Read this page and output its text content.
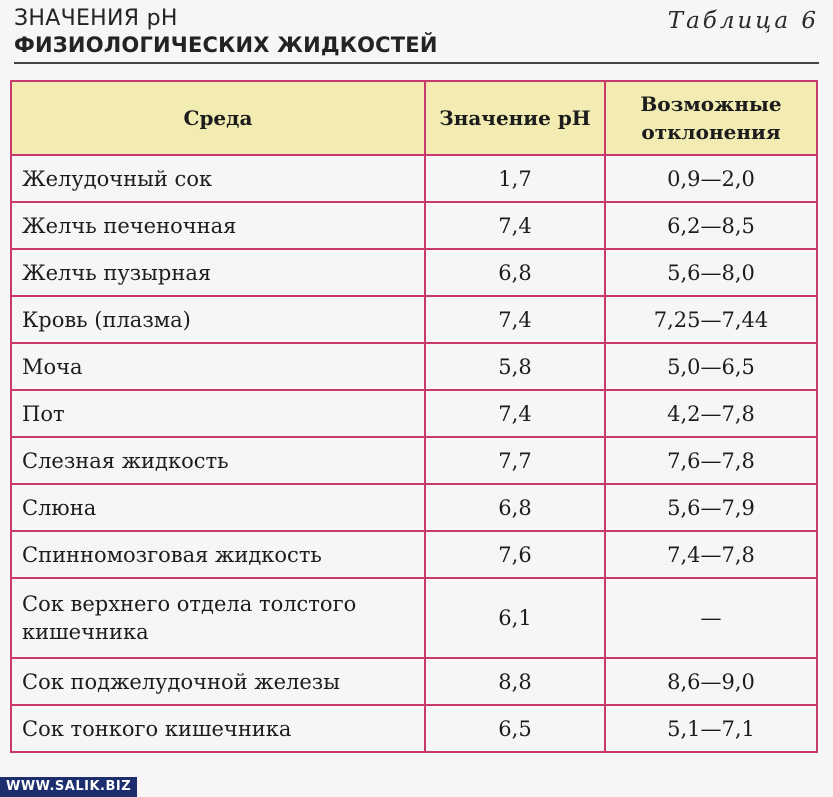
ЗНАЧЕНИЯ pH
ФИЗИОЛОГИЧЕСКИХ ЖИДКОСТЕЙ
Таблица 6
Среда	Значение pH	Возможные отклонения
Желудочный сок	1,7	0,9—2,0
Желчь печеночная	7,4	6,2—8,5
Желчь пузырная	6,8	5,6—8,0
Кровь (плазма)	7,4	7,25—7,44
Моча	5,8	5,0—6,5
Пот	7,4	4,2—7,8
Слезная жидкость	7,7	7,6—7,8
Слюна	6,8	5,6—7,9
Спинномозговая жидкость	7,6	7,4—7,8
Сок верхнего отдела толстого кишечника	6,1	—
Сок поджелудочной железы	8,8	8,6—9,0
Сок тонкого кишечника	6,5	5,1—7,1
WWW.SALIK.BIZ
